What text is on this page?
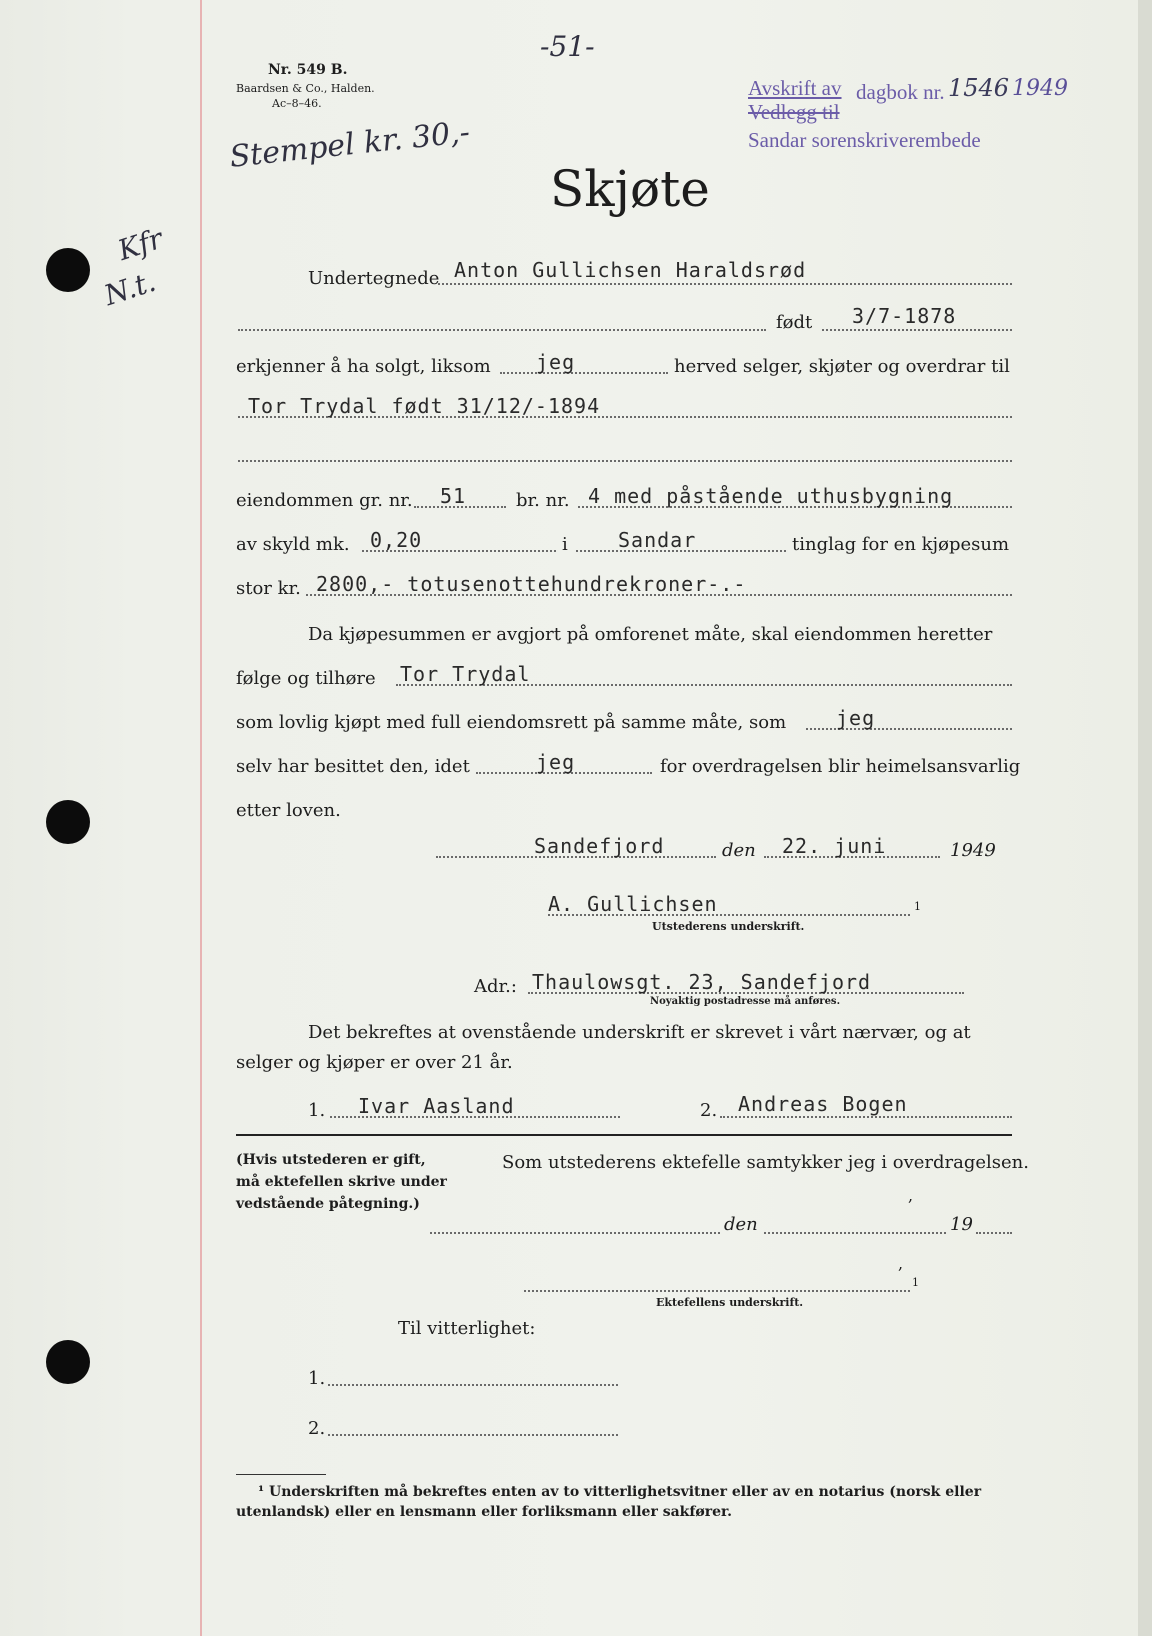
Nr. 549 B.
Baardsen & Co., Halden.
Ac–8–46.
-51-
Avskrift av dagbok nr. 1546 1949
Vedlegg til
Sandar sorenskriverembede
Stempel kr. 30,-
Kfr
N.t.
Skjøte
Undertegnede Anton Gullichsen Haraldsrød
født 3/7-1878
erkjenner å ha solgt, liksom jeg	herved selger, skjøter og overdrar til
Tor Trydal født 31/12/-1894
eiendommen gr. nr. 51	br. nr. 4 med påstående uthusbygning
av skyld mk. 0,20	i	Sandar	tinglag for en kjøpesum
stor kr. 2800,- totusenottehundrekroner-.-
Da kjøpesummen er avgjort på omforenet måte, skal eiendommen heretter
følge og tilhøre Tor Trydal
som lovlig kjøpt med full eiendomsrett på samme måte, som jeg
selv har besittet den, idet	jeg	for overdragelsen blir heimelsansvarlig
etter loven.
Sandefjord	den 22. juni	1949
A. Gullichsen	1
Utstederens underskrift.
Adr.: Thaulowsgt. 23, Sandefjord
Noyaktig postadresse må anføres.
Det bekreftes at ovenstående underskrift er skrevet i vårt nærvær, og at
selger og kjøper er over 21 år.
1. Ivar Aasland	2. Andreas Bogen
(Hvis utstederen er gift,
må ektefellen skrive under
vedstående påtegning.)
Som utstederens ektefelle samtykker jeg i overdragelsen.
,
den	19
,
1
Ektefellens underskrift.
Til vitterlighet:
1.
2.
¹ Underskriften må bekreftes enten av to vitterlighetsvitner eller av en notarius (norsk eller
utenlandsk) eller en lensmann eller forliksmann eller sakfører.
